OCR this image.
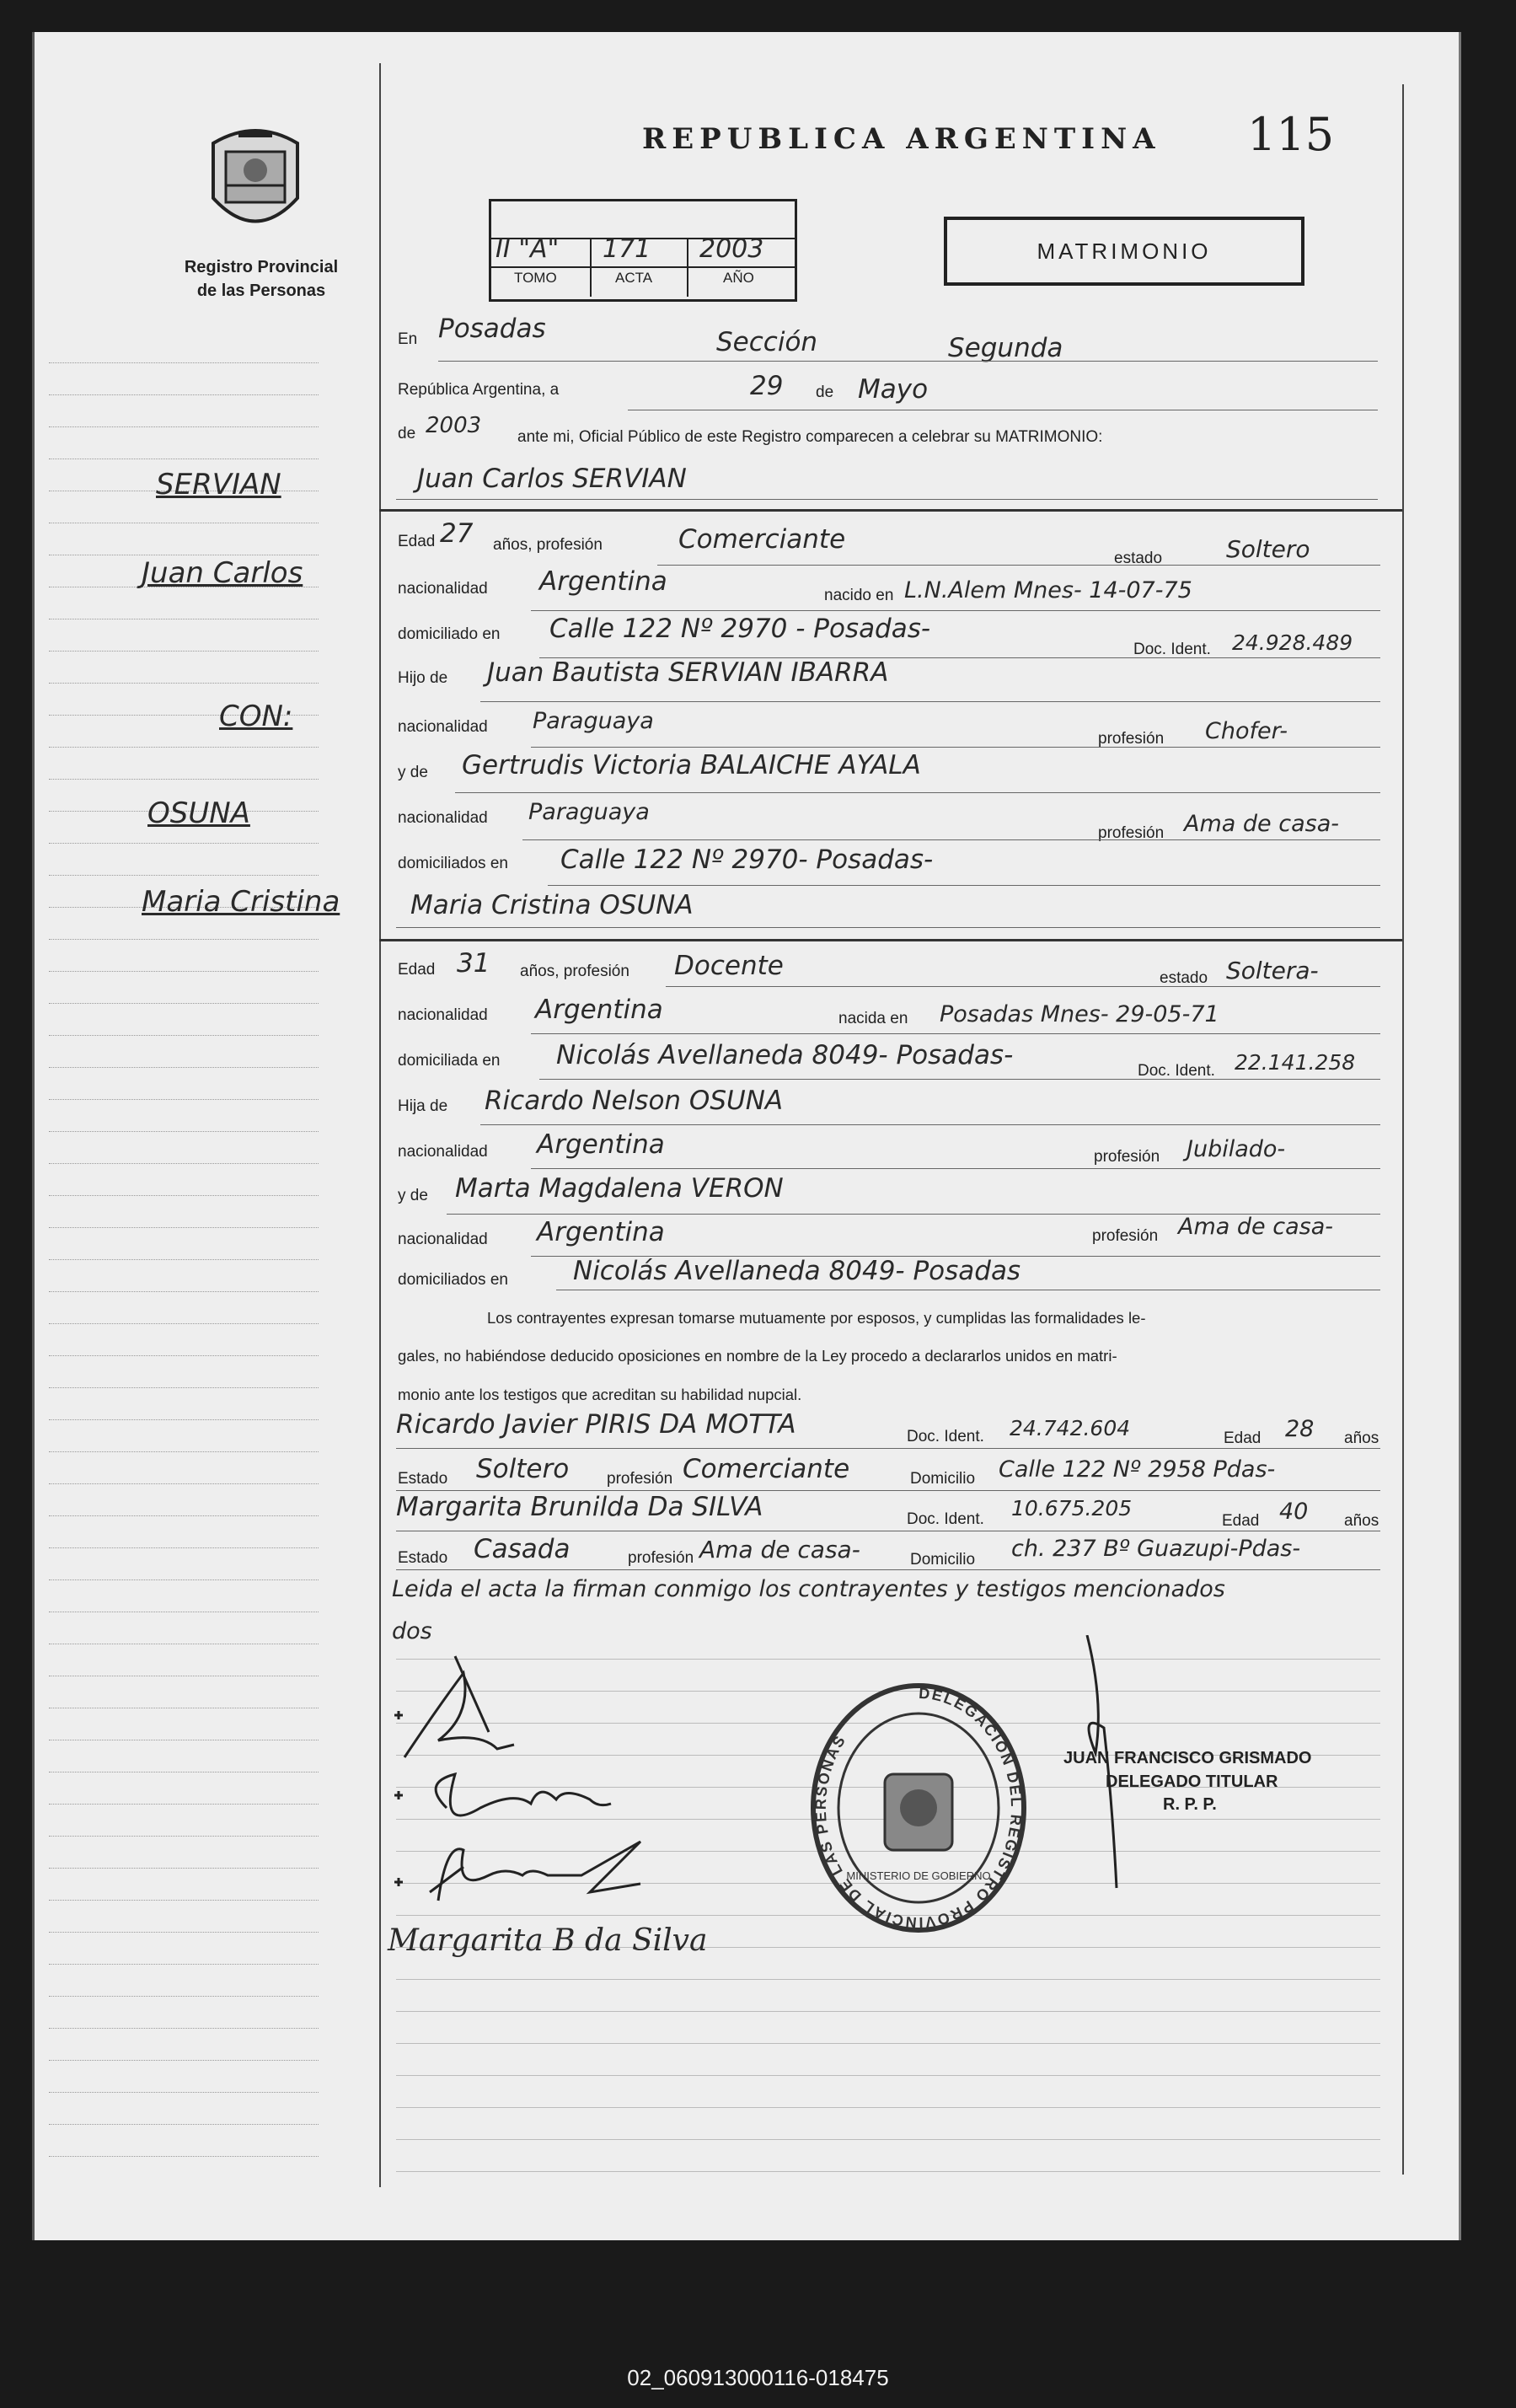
Registro Provincial
de las Personas
REPUBLICA ARGENTINA 115
II "A" 171 2003
TOMO	ACTA	AÑO
MATRIMONIO
SERVIAN
Juan Carlos
CON:
OSUNA
Maria Cristina
En Posadas	Sección	Segunda
República Argentina, a	29 de Mayo
de 2003 ante mi, Oficial Público de este Registro comparecen a celebrar su MATRIMONIO:
Juan Carlos SERVIAN
Edad 27 años, profesión	Comerciante
estado	Soltero
nacionalidad Argentina	nacido en L.N.Alem Mnes- 14-07-75
domiciliado en Calle 122 Nº 2970 - Posadas-
Doc. Ident. 24.928.489
Hijo de Juan Bautista SERVIAN IBARRA
nacionalidad Paraguaya
profesión Chofer-
y de Gertrudis Victoria BALAICHE AYALA
nacionalidad Paraguaya
profesión Ama de casa-
domiciliados en Calle 122 Nº 2970- Posadas-
Maria Cristina OSUNA
Edad 31 años, profesión Docente	estado Soltera-
nacionalidad Argentina	nacida en Posadas Mnes- 29-05-71
domiciliada en Nicolás Avellaneda 8049- Posadas-
Doc. Ident. 22.141.258
Hija de Ricardo Nelson OSUNA
nacionalidad Argentina	profesión Jubilado-
y de Marta Magdalena VERON
nacionalidad Argentina	profesión Ama de casa-
domiciliados en Nicolás Avellaneda 8049- Posadas
Los contrayentes expresan tomarse mutuamente por esposos, y cumplidas las formalidades le-
gales, no habiéndose deducido oposiciones en nombre de la Ley procedo a declararlos unidos en matri-
monio ante los testigos que acreditan su habilidad nupcial.
Ricardo Javier PIRIS DA MOTTA	Doc. Ident. 24.742.604	Edad 28 años
Estado Soltero profesión Comerciante	Domicilio Calle 122 Nº 2958 Pdas-
Margarita Brunilda Da SILVA	Doc. Ident. 10.675.205
Edad 40 años
Estado Casada	profesión Ama de casa-	Domicilio ch. 237 Bº Guazupi-Pdas-
Leida el acta la firman conmigo los contrayentes y testigos mencionados
dos
Margarita B da Silva
DELEGACION DEL REGISTRO PROVINCIAL DE LAS PERSONAS
MINISTERIO DE GOBIERNO
JUAN FRANCISCO GRISMADO
DELEGADO TITULAR
R. P. P.
02_060913000116-018475
